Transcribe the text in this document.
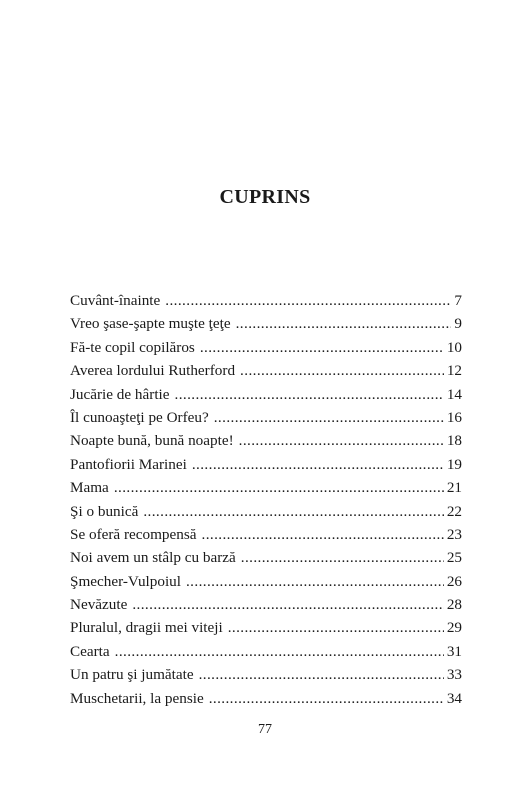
CUPRINS
Cuvânt-înainte .....	7
Vreo şase-şapte muşte ţeţe .....	9
Fă-te copil copilăros .....	10
Averea lordului Rutherford .....	12
Jucărie de hârtie .....	14
Îl cunoaşteţi pe Orfeu? .....	16
Noapte bună, bună noapte! .....	18
Pantofiorii Marinei .....	19
Mama .....	21
Şi o bunică .....	22
Se oferă recompensă .....	23
Noi avem un stâlp cu barză .....	25
Şmecher-Vulpoiul .....	26
Nevăzute .....	28
Pluralul, dragii mei viteji .....	29
Cearta .....	31
Un patru şi jumătate .....	33
Muschetarii, la pensie .....	34
77
